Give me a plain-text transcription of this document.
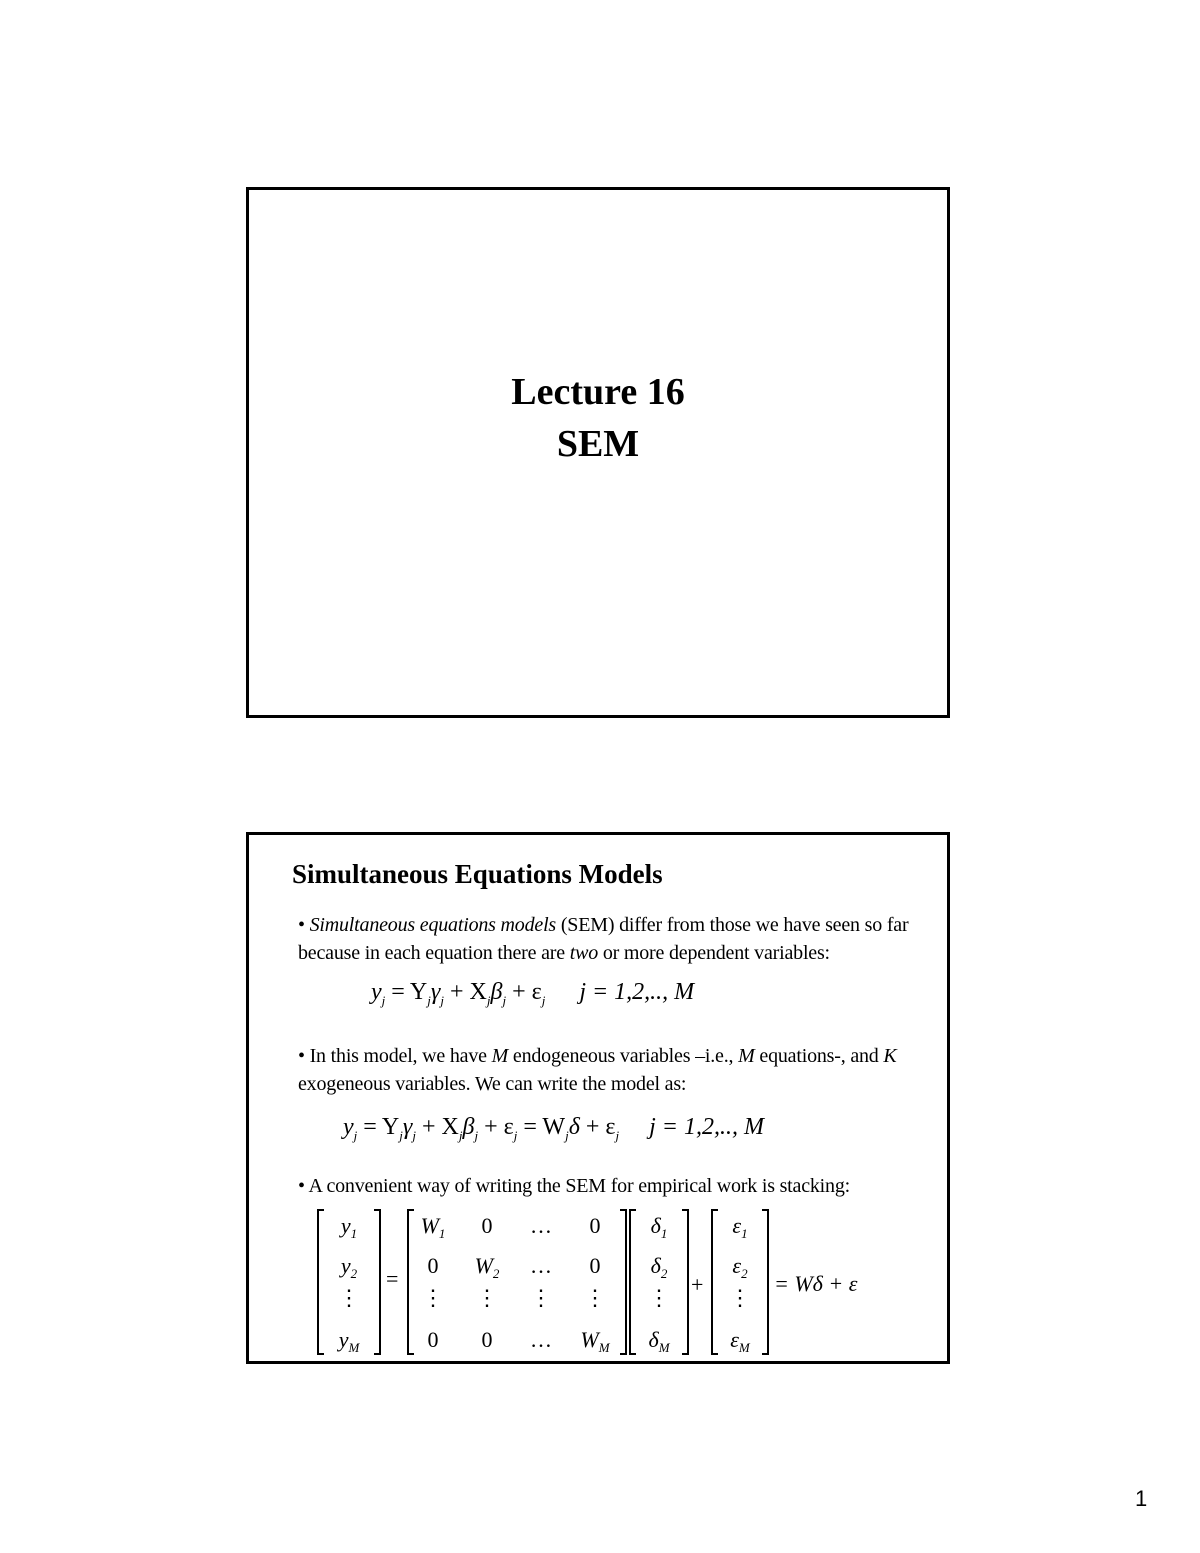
Lecture 16
SEM
Simultaneous Equations Models
• Simultaneous equations models (SEM) differ from those we have seen so far because in each equation there are two or more dependent variables:
$y_j = Y_j\gamma_j + X_j\beta_j + \varepsilon_j$ j = 1,2,.., M
• In this model, we have M endogeneous variables –i.e., M equations-, and K exogeneous variables. We can write the model as:
$y_j = Y_j\gamma_j + X_j\beta_j + \varepsilon_j = W_j\delta + \varepsilon_j$ j = 1,2,.., M
• A convenient way of writing the SEM for empirical work is stacking:
$y_1$
$y_2$
⋮
$y_M$
=
$W_1$	0	…	0
0	$W_2$	…	0
⋮	⋮	⋮	⋮
0	0	…	$W_M$
$\delta_1$
$\delta_2$
⋮
$\delta_M$
+
$\varepsilon_1$
$\varepsilon_2$
⋮
$\varepsilon_M$
= Wδ + ε
1
